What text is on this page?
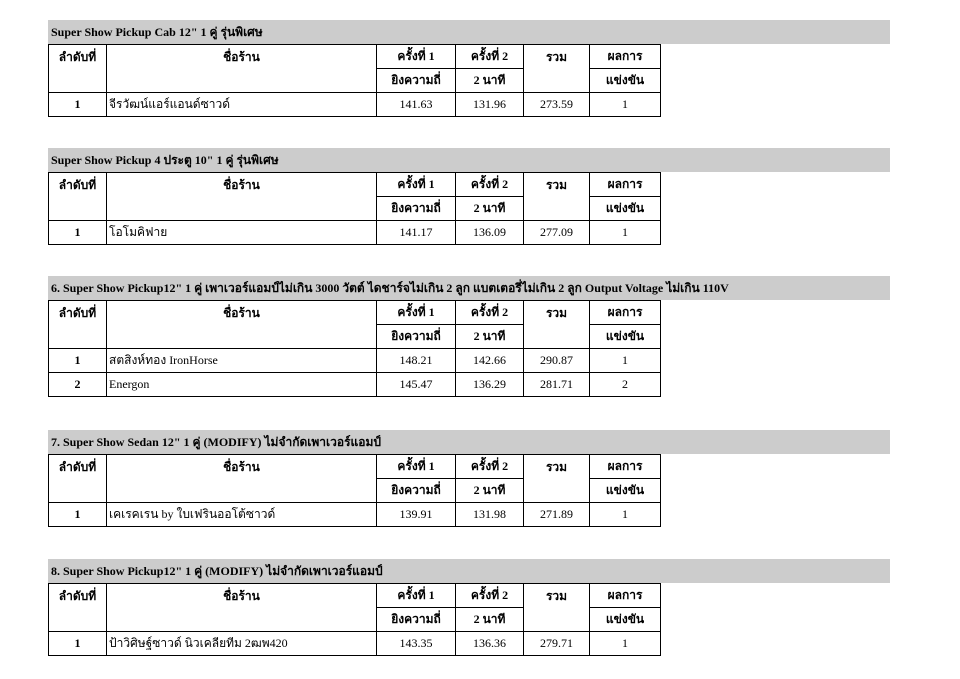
Super Show Pickup Cab 12" 1 คู่ รุ่นพิเศษ
ลำดับที่	ชื่อร้าน	ครั้งที่ 1	ครั้งที่ 2	รวม	ผลการ
		ยิงความถี่	2 นาที		แข่งขัน
1	จีรวัฒน์แอร์แอนด์ซาวด์	141.63	131.96	273.59	1
Super Show Pickup 4 ประตู 10" 1 คู่ รุ่นพิเศษ
ลำดับที่	ชื่อร้าน	ครั้งที่ 1	ครั้งที่ 2	รวม	ผลการ
		ยิงความถี่	2 นาที		แข่งขัน
1	โอโมคิฟาย	141.17	136.09	277.09	1
6. Super Show Pickup12" 1 คู่ เพาเวอร์แอมป์ไม่เกิน 3000 วัตต์ ไดชาร์จไม่เกิน 2 ลูก แบตเตอรี่ไม่เกิน 2 ลูก Output Voltage ไม่เกิน 110V
ลำดับที่	ชื่อร้าน	ครั้งที่ 1	ครั้งที่ 2	รวม	ผลการ
		ยิงความถี่	2 นาที		แข่งขัน
1	สตสิงห์ทอง IronHorse	148.21	142.66	290.87	1
2	Energon	145.47	136.29	281.71	2
7. Super Show Sedan 12" 1 คู่ (MODIFY) ไม่จำกัดเพาเวอร์แอมป์
ลำดับที่	ชื่อร้าน	ครั้งที่ 1	ครั้งที่ 2	รวม	ผลการ
		ยิงความถี่	2 นาที		แข่งขัน
1	เคเรคเรน by ใบเฟรินออโต้ซาวด์	139.91	131.98	271.89	1
8. Super Show Pickup12" 1 คู่ (MODIFY) ไม่จำกัดเพาเวอร์แอมป์
ลำดับที่	ชื่อร้าน	ครั้งที่ 1	ครั้งที่ 2	รวม	ผลการ
		ยิงความถี่	2 นาที		แข่งขัน
1	ป้าวิศิษฐ์ซาวด์ นิวเคลียทีม 2ฒพ420	143.35	136.36	279.71	1
